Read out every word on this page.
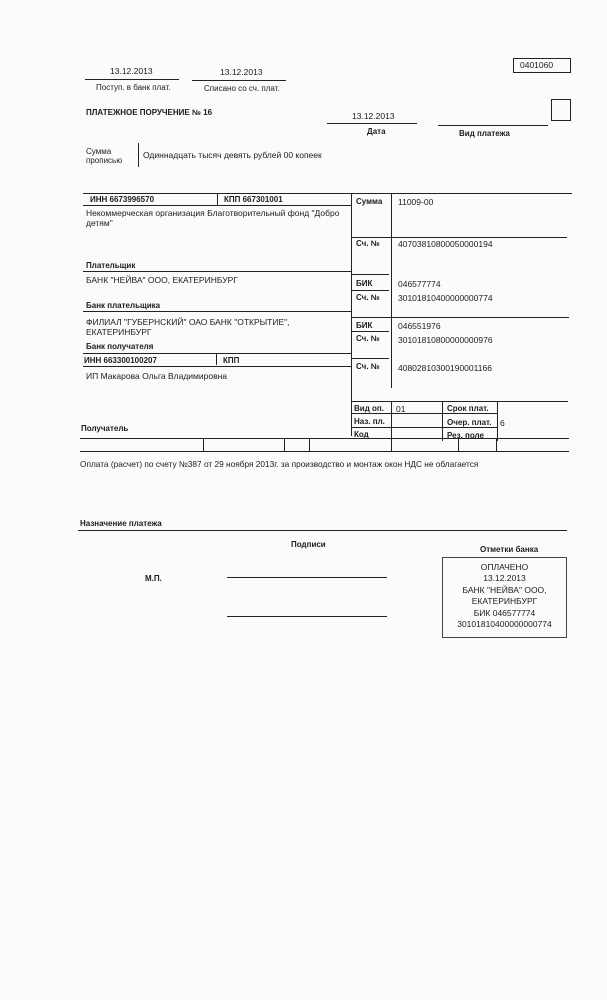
0401060
13.12.2013
Поступ. в банк плат.
13.12.2013
Списано со сч. плат.
ПЛАТЕЖНОЕ ПОРУЧЕНИЕ № 16	13.12.2013
Дата	Вид платежа
Сумма
прописью
Одиннадцать тысяч девять рублей 00 копеек
ИНН 6673996570	КПП 667301001	Сумма 11009-00
Некоммерческая организация Благотворительный фонд "Добро
детям"
Сч. № 40703810800050000194
Плательщик
БАНК "НЕЙВА" ООО, ЕКАТЕРИНБУРГ	БИК	046577774
Сч. № 30101810400000000774
Банк плательщика
ФИЛИАЛ "ГУБЕРНСКИЙ" ОАО БАНК "ОТКРЫТИЕ",
ЕКАТЕРИНБУРГ
БИК	046551976
Сч. № 30101810800000000976
Банк получателя
ИНН 663300100207	КПП
Сч. № 40802810300190001166
ИП Макарова Ольга Владимировна
Вид оп. 01	Срок плат.
Наз. пл.	Очер. плат. 6
Код	Рез. поле
Получатель
Оплата (расчет) по счету №387 от 29 ноября 2013г. за производство и монтаж окон НДС не облагается
Назначение платежа
Подписи
Отметки банка
М.П.
ОПЛАЧЕНО
13.12.2013
БАНК "НЕЙВА" ООО,
ЕКАТЕРИНБУРГ
БИК 046577774
30101810400000000774
